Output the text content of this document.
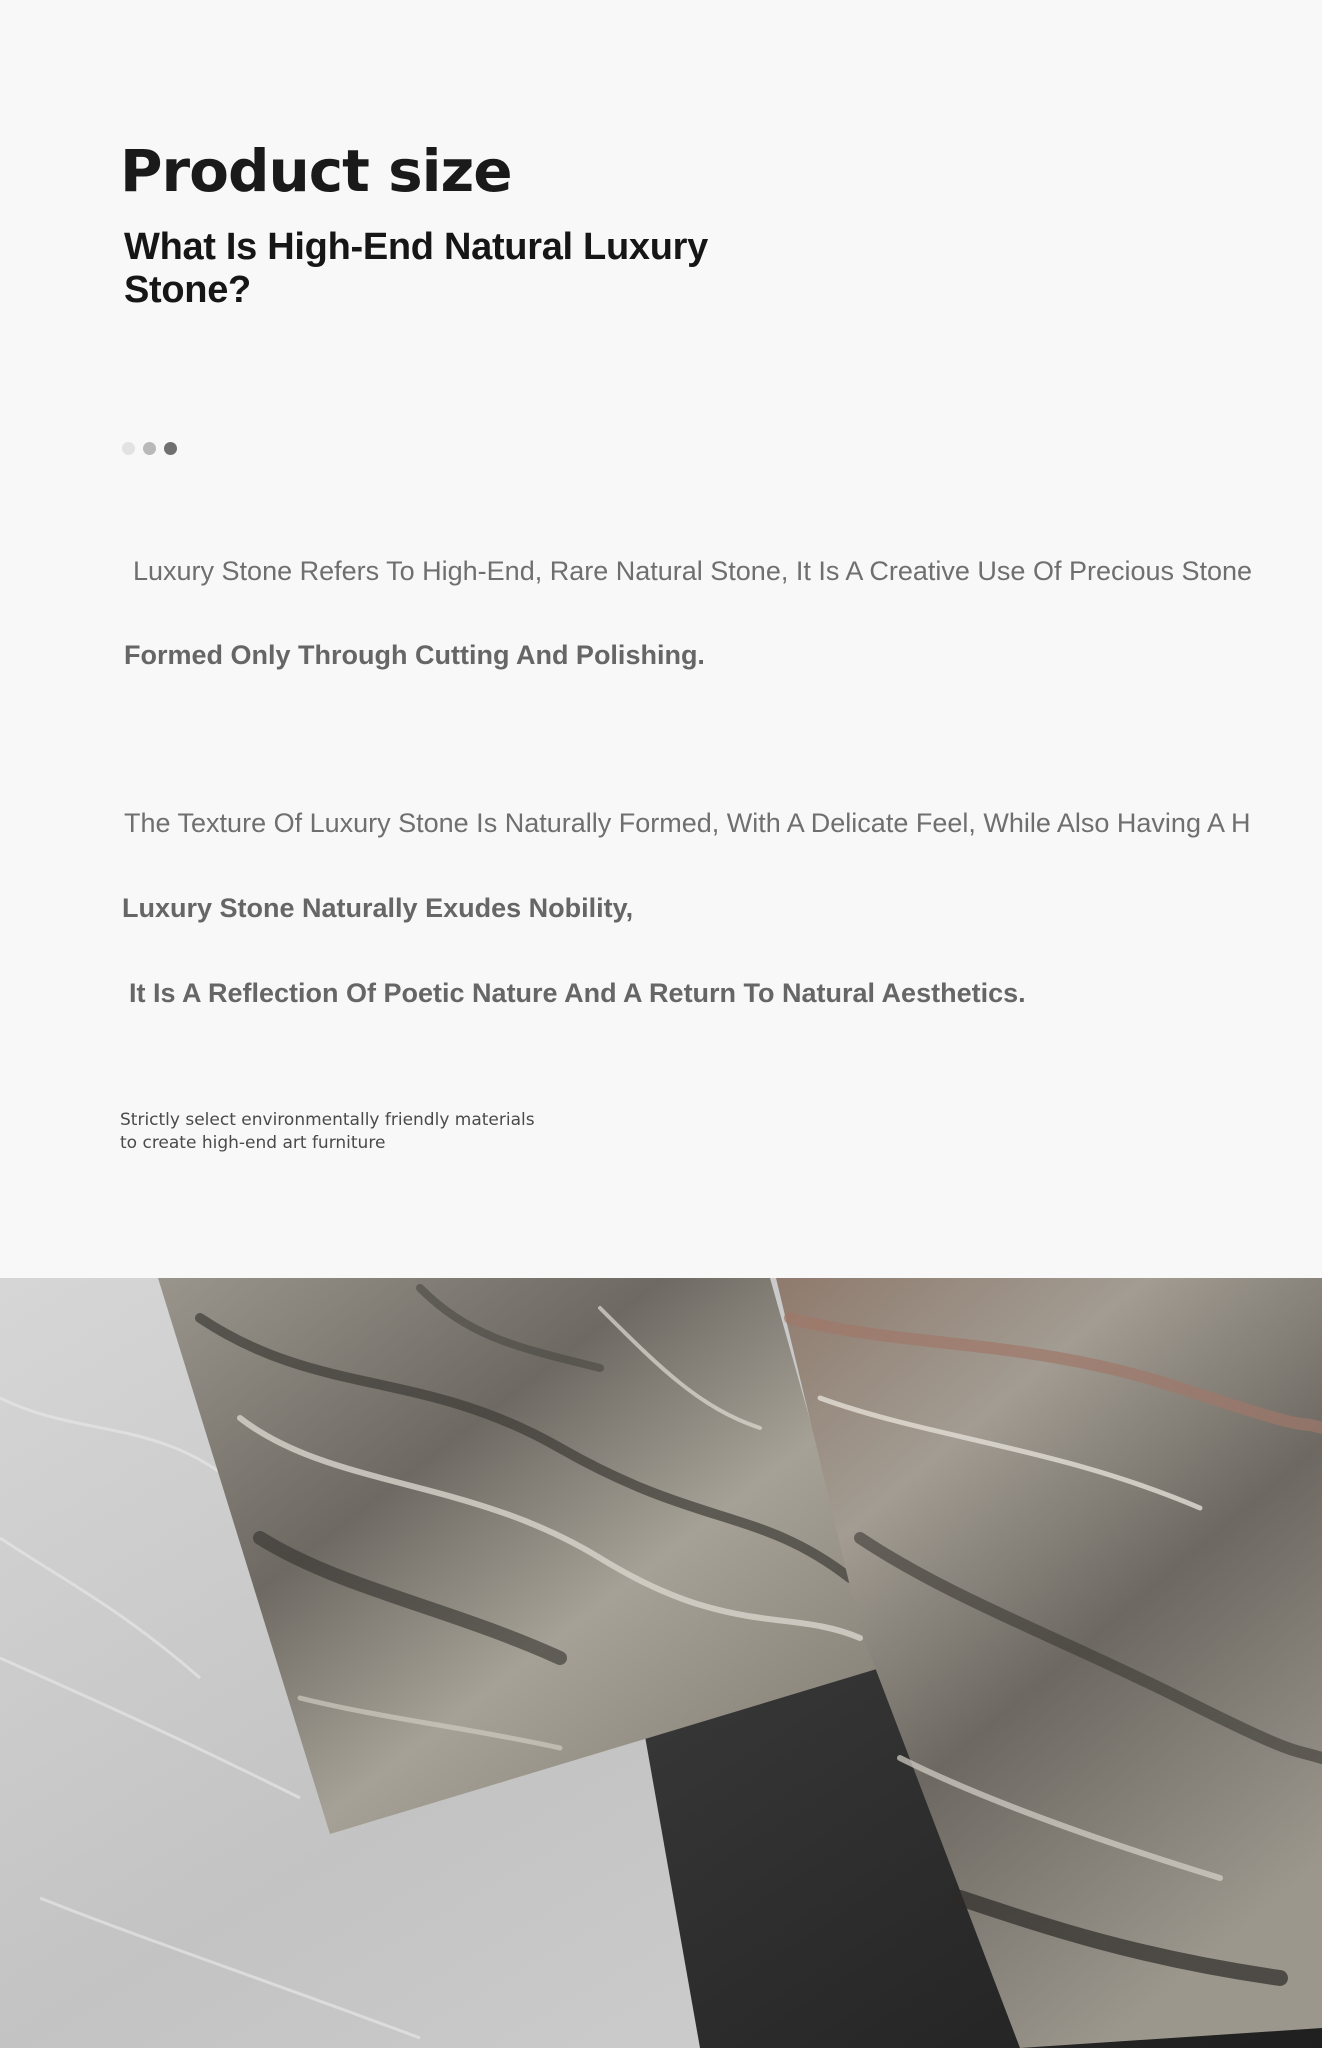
Product size
What Is High-End Natural Luxury Stone?

Luxury Stone Refers To High-End, Rare Natural Stone, It Is A Creative Use Of Precious Stone

Formed Only Through Cutting And Polishing.

The Texture Of Luxury Stone Is Naturally Formed, With A Delicate Feel, While Also Having A H

Luxury Stone Naturally Exudes Nobility,

It Is A Reflection Of Poetic Nature And A Return To Natural Aesthetics.

Strictly select environmentally friendly materials
to create high-end art furniture
